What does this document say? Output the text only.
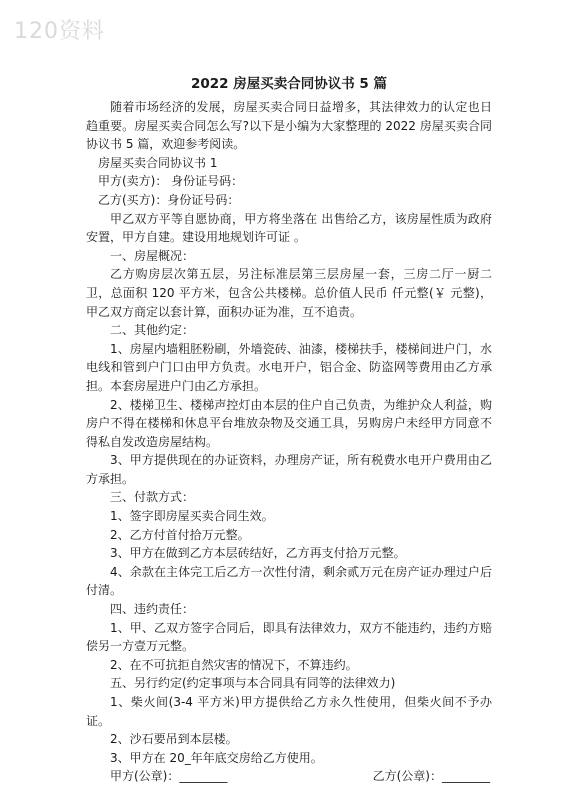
120资料
2022 房屋买卖合同协议书 5 篇

随着市场经济的发展，房屋买卖合同日益增多，其法律效力的认定也日趋重要。房屋买卖合同怎么写?以下是小编为大家整理的 2022 房屋买卖合同协议书 5 篇，欢迎参考阅读。

房屋买卖合同协议书 1

甲方(卖方)： 身份证号码：

乙方(买方)：身份证号码：

甲乙双方平等自愿协商，甲方将坐落在 出售给乙方，该房屋性质为政府安置，甲方自建。建设用地规划许可证 。

一、房屋概况：

乙方购房层次第五层，另注标准层第三层房屋一套，三房二厅一厨二卫，总面积 120 平方米，包含公共楼梯。总价值人民币 仟元整(￥ 元整)，甲乙双方商定以套计算，面积办证为准，互不追责。

二、其他约定：

1、房屋内墙粗胚粉刷，外墙瓷砖、油漆，楼梯扶手，楼梯间进户门，水电线和管到户门口由甲方负责。水电开户，铝合金、防盗网等费用由乙方承担。本套房屋进户门由乙方承担。

2、楼梯卫生、楼梯声控灯由本层的住户自己负责，为维护众人利益，购房户不得在楼梯和休息平台堆放杂物及交通工具，另购房户未经甲方同意不得私自发改造房屋结构。

3、甲方提供现在的办证资料，办理房产证，所有税费水电开户费用由乙方承担。

三、付款方式：

1、签字即房屋买卖合同生效。

2、乙方付首付拾万元整。

3、甲方在做到乙方本层砖结好，乙方再支付拾万元整。

4、余款在主体完工后乙方一次性付清，剩余贰万元在房产证办理过户后付清。

四、违约责任：

1、甲、乙双方签字合同后，即具有法律效力，双方不能违约，违约方赔偿另一方壹万元整。

2、在不可抗拒自然灾害的情况下，不算违约。

五、另行约定(约定事项与本合同具有同等的法律效力)

1、柴火间(3-4 平方米)甲方提供给乙方永久性使用，但柴火间不予办证。

2、沙石要吊到本层楼。

3、甲方在 20_年年底交房给乙方使用。

甲方(公章)：________	乙方(公章)：________
